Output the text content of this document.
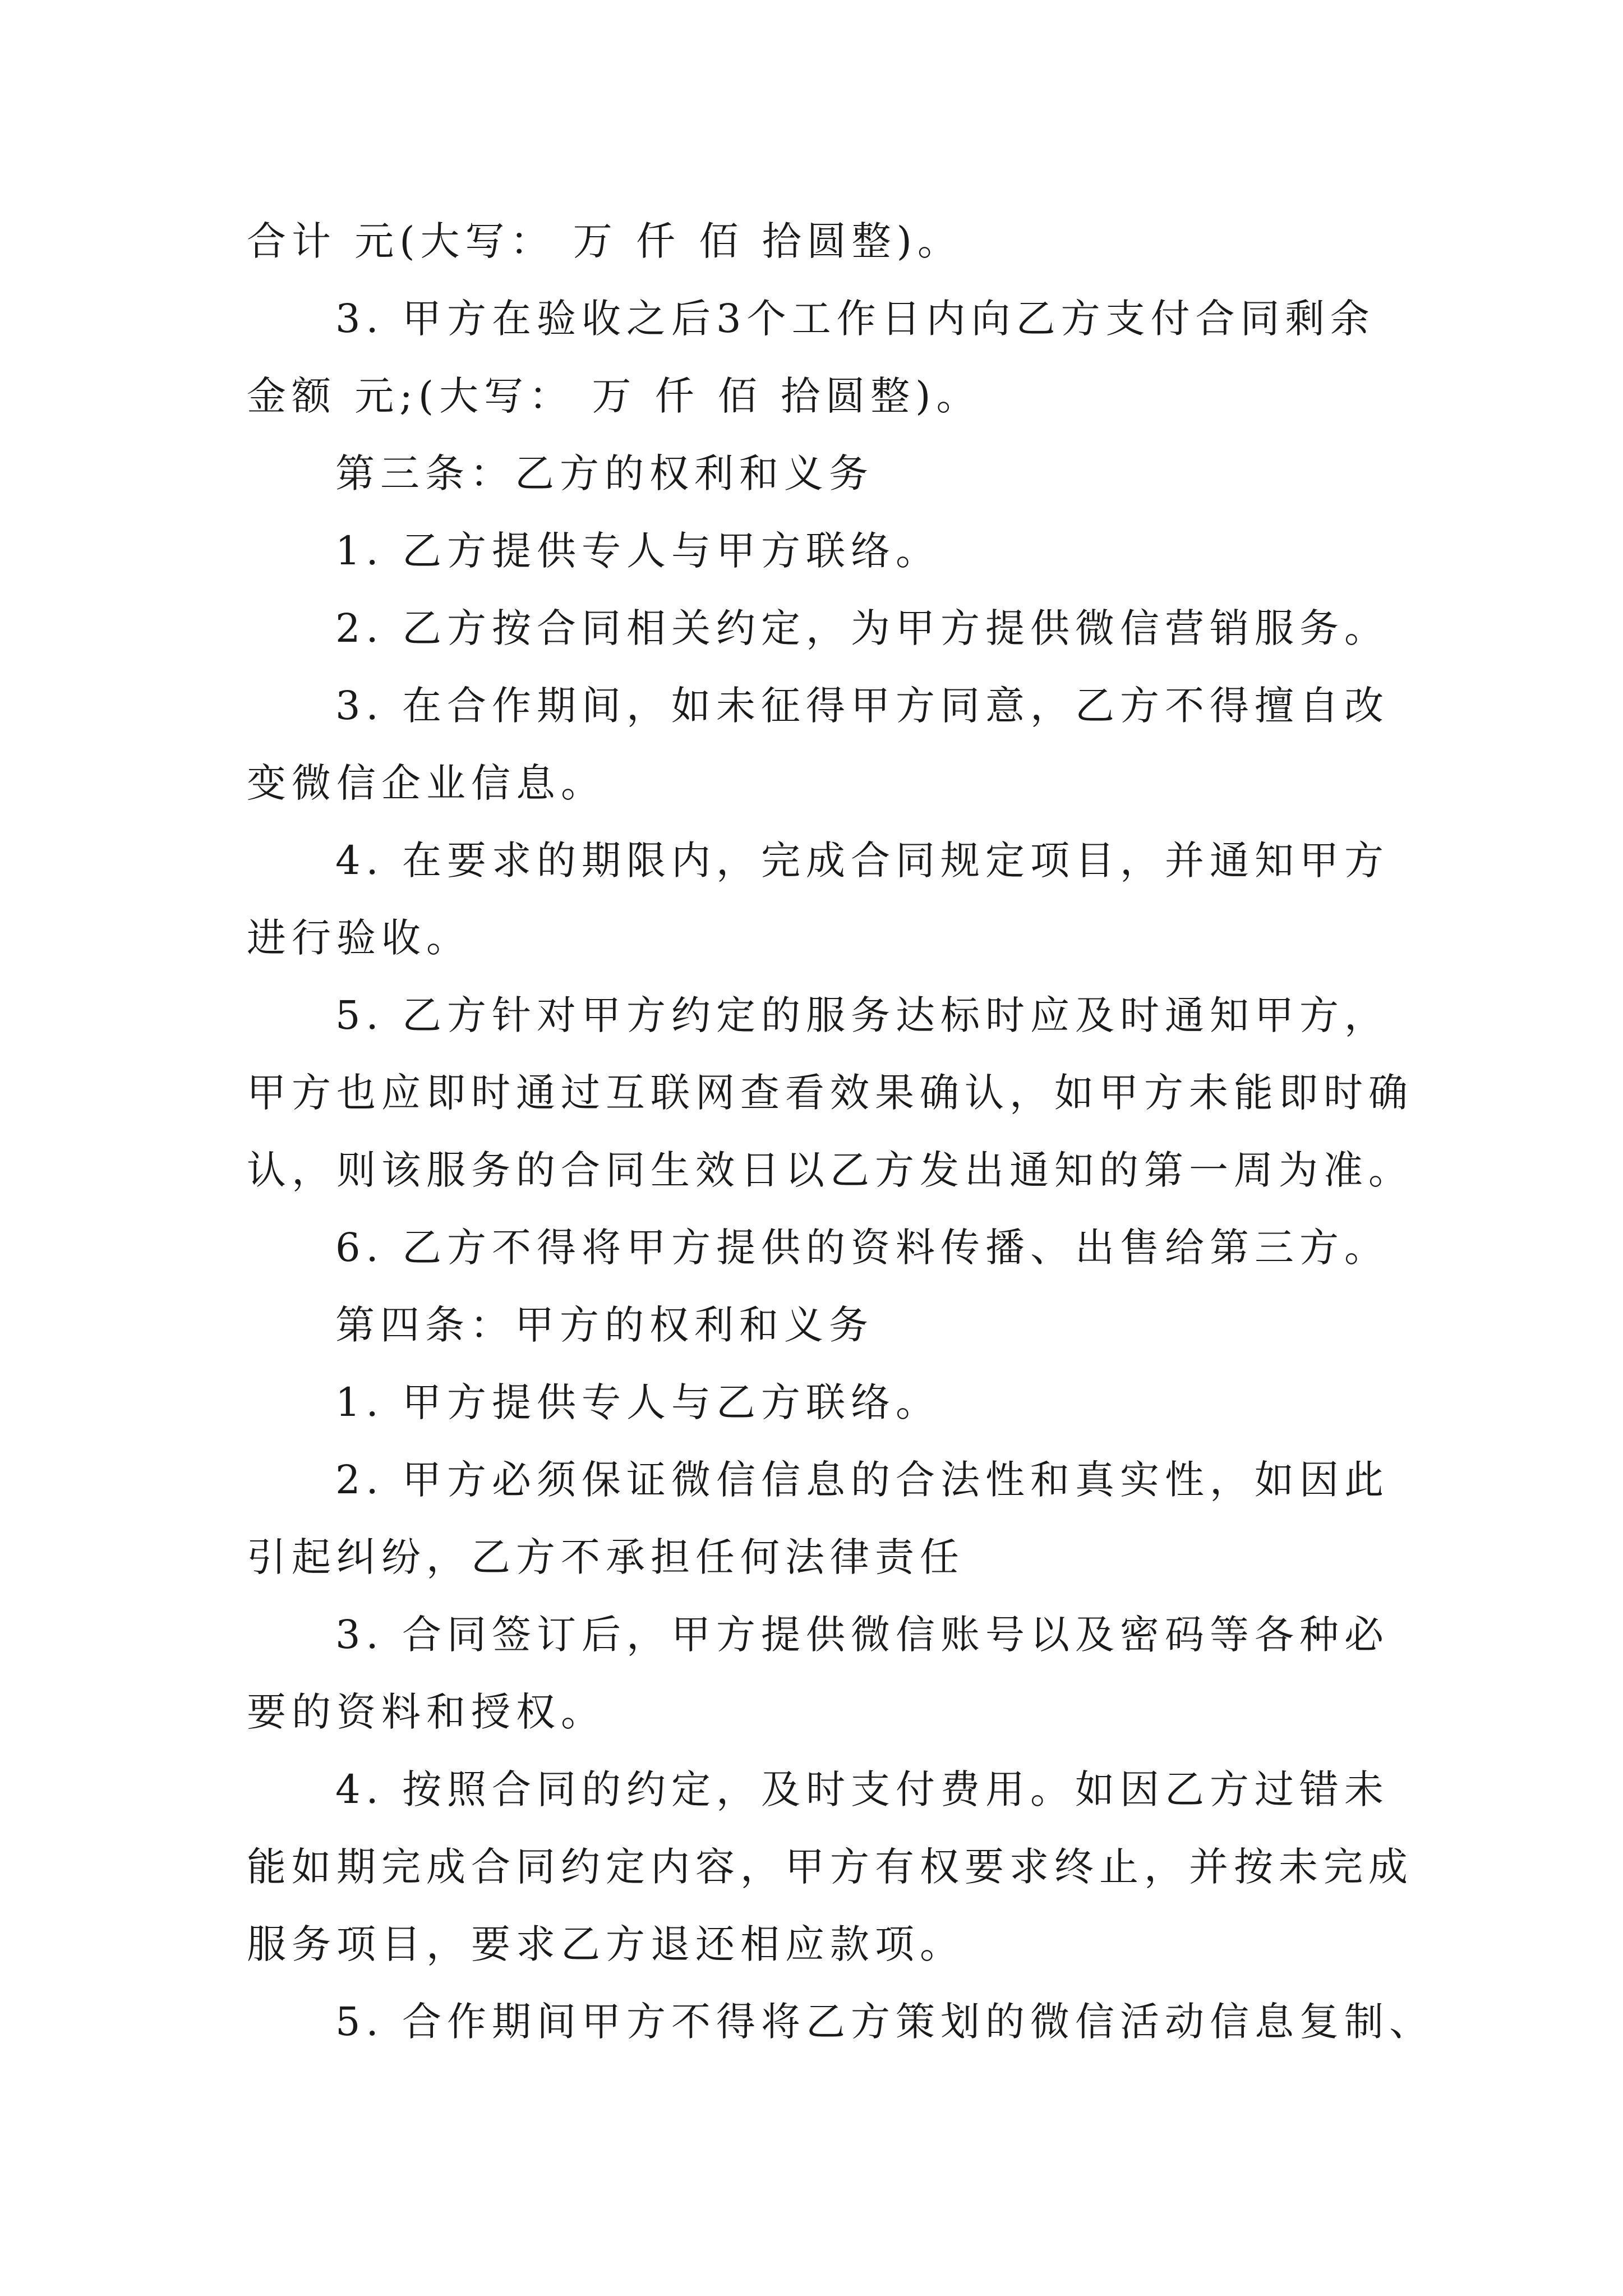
合计 元(大写： 万 仟 佰 拾圆整)。
3. 甲方在验收之后3个工作日内向乙方支付合同剩余
金额 元;(大写： 万 仟 佰 拾圆整)。
第三条：乙方的权利和义务
1. 乙方提供专人与甲方联络。
2. 乙方按合同相关约定，为甲方提供微信营销服务。
3. 在合作期间，如未征得甲方同意，乙方不得擅自改
变微信企业信息。
4. 在要求的期限内，完成合同规定项目，并通知甲方
进行验收。
5. 乙方针对甲方约定的服务达标时应及时通知甲方，
甲方也应即时通过互联网查看效果确认，如甲方未能即时确
认，则该服务的合同生效日以乙方发出通知的第一周为准。
6. 乙方不得将甲方提供的资料传播、出售给第三方。
第四条：甲方的权利和义务
1. 甲方提供专人与乙方联络。
2. 甲方必须保证微信信息的合法性和真实性，如因此
引起纠纷，乙方不承担任何法律责任
3. 合同签订后，甲方提供微信账号以及密码等各种必
要的资料和授权。
4. 按照合同的约定，及时支付费用。如因乙方过错未
能如期完成合同约定内容，甲方有权要求终止，并按未完成
服务项目，要求乙方退还相应款项。
5. 合作期间甲方不得将乙方策划的微信活动信息复制、
